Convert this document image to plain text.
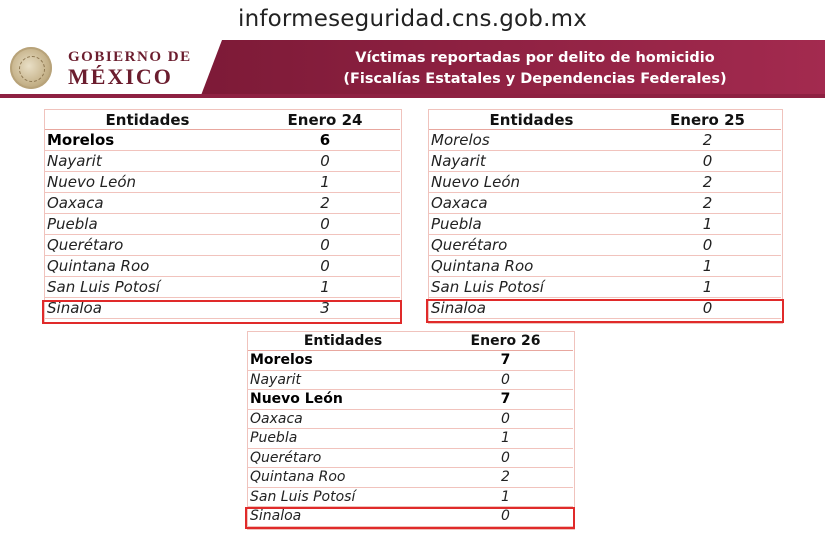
informeseguridad.cns.gob.mx
GOBIERNO DE
MÉXICO
Víctimas reportadas por delito de homicidio
(Fiscalías Estatales y Dependencias Federales)
Entidades	Enero 24
Morelos	6
Nayarit	0
Nuevo León	1
Oaxaca	2
Puebla	0
Querétaro	0
Quintana Roo	0
San Luis Potosí	1
Sinaloa	3
Entidades	Enero 25
Morelos	2
Nayarit	0
Nuevo León	2
Oaxaca	2
Puebla	1
Querétaro	0
Quintana Roo	1
San Luis Potosí	1
Sinaloa	0
Entidades	Enero 26
Morelos	7
Nayarit	0
Nuevo León	7
Oaxaca	0
Puebla	1
Querétaro	0
Quintana Roo	2
San Luis Potosí	1
Sinaloa	0
